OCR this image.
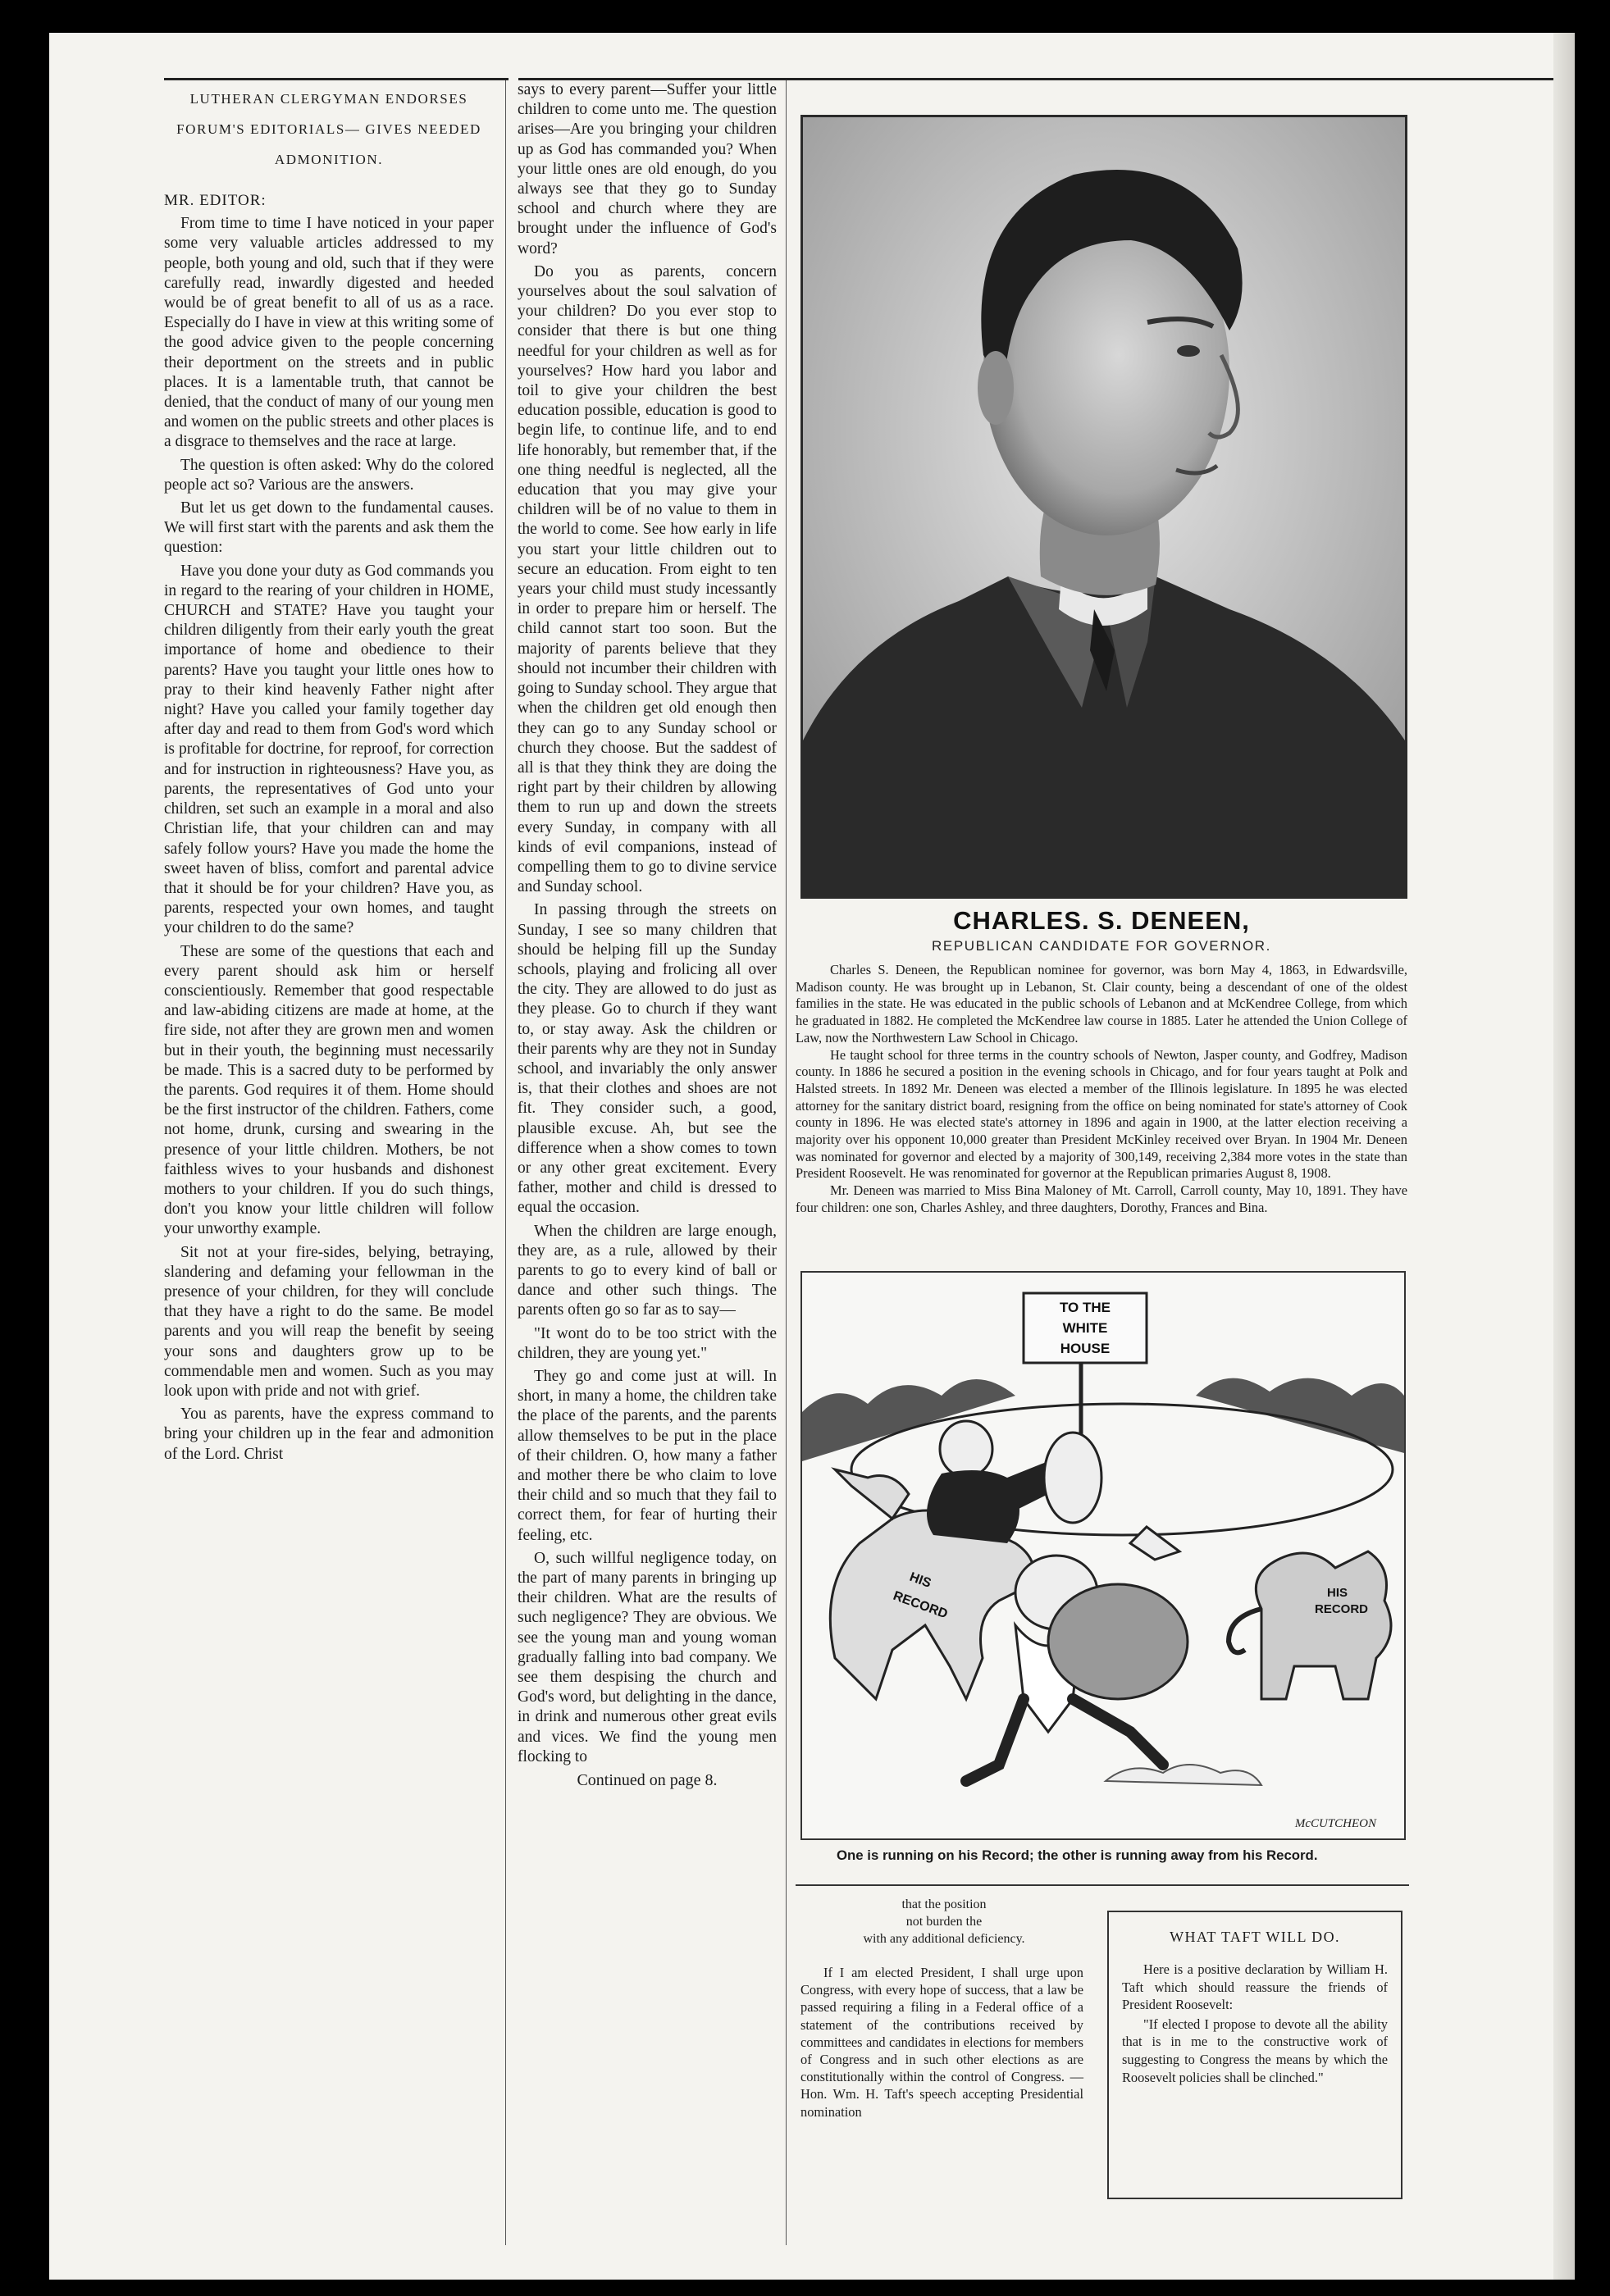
LUTHERAN CLERGYMAN ENDORSES FORUM'S EDITORIALS— GIVES NEEDED ADMONITION.

MR. EDITOR:

From time to time I have noticed in your paper some very valuable articles addressed to my people, both young and old, such that if they were carefully read, inwardly digested and heeded would be of great benefit to all of us as a race. Especially do I have in view at this writing some of the good advice given to the people concerning their deportment on the streets and in public places. It is a lamentable truth, that cannot be denied, that the conduct of many of our young men and women on the public streets and other places is a disgrace to themselves and the race at large.

The question is often asked: Why do the colored people act so? Various are the answers.

But let us get down to the fundamental causes. We will first start with the parents and ask them the question:

Have you done your duty as God commands you in regard to the rearing of your children in HOME, CHURCH and STATE? Have you taught your children diligently from their early youth the great importance of home and obedience to their parents? Have you taught your little ones how to pray to their kind heavenly Father night after night? Have you called your family together day after day and read to them from God's word which is profitable for doctrine, for reproof, for correction and for instruction in righteousness? Have you, as parents, the representatives of God unto your children, set such an example in a moral and also Christian life, that your children can and may safely follow yours? Have you made the home the sweet haven of bliss, comfort and parental advice that it should be for your children? Have you, as parents, respected your own homes, and taught your children to do the same?

These are some of the questions that each and every parent should ask him or herself conscientiously. Remember that good respectable and law-abiding citizens are made at home, at the fire side, not after they are grown men and women but in their youth, the beginning must necessarily be made. This is a sacred duty to be performed by the parents. God requires it of them. Home should be the first instructor of the children. Fathers, come not home, drunk, cursing and swearing in the presence of your little children. Mothers, be not faithless wives to your husbands and dishonest mothers to your children. If you do such things, don't you know your little children will follow your unworthy example.

Sit not at your fire-sides, belying, betraying, slandering and defaming your fellowman in the presence of your children, for they will conclude that they have a right to do the same. Be model parents and you will reap the benefit by seeing your sons and daughters grow up to be commendable men and women. Such as you may look upon with pride and not with grief.

You as parents, have the express command to bring your children up in the fear and admonition of the Lord. Christ

says to every parent—Suffer your little children to come unto me. The question arises—Are you bringing your children up as God has commanded you? When your little ones are old enough, do you always see that they go to Sunday school and church where they are brought under the influence of God's word?

Do you as parents, concern yourselves about the soul salvation of your children? Do you ever stop to consider that there is but one thing needful for your children as well as for yourselves? How hard you labor and toil to give your children the best education possible, education is good to begin life, to continue life, and to end life honorably, but remember that, if the one thing needful is neglected, all the education that you may give your children will be of no value to them in the world to come. See how early in life you start your little children out to secure an education. From eight to ten years your child must study incessantly in order to prepare him or herself. The child cannot start too soon. But the majority of parents believe that they should not incumber their children with going to Sunday school. They argue that when the children get old enough then they can go to any Sunday school or church they choose. But the saddest of all is that they think they are doing the right part by their children by allowing them to run up and down the streets every Sunday, in company with all kinds of evil companions, instead of compelling them to go to divine service and Sunday school.

In passing through the streets on Sunday, I see so many children that should be helping fill up the Sunday schools, playing and frolicing all over the city. They are allowed to do just as they please. Go to church if they want to, or stay away. Ask the children or their parents why are they not in Sunday school, and invariably the only answer is, that their clothes and shoes are not fit. They consider such, a good, plausible excuse. Ah, but see the difference when a show comes to town or any other great excitement. Every father, mother and child is dressed to equal the occasion.

When the children are large enough, they are, as a rule, allowed by their parents to go to every kind of ball or dance and other such things. The parents often go so far as to say—

"It wont do to be too strict with the children, they are young yet."

They go and come just at will. In short, in many a home, the children take the place of the parents, and the parents allow themselves to be put in the place of their children. O, how many a father and mother there be who claim to love their child and so much that they fail to correct them, for fear of hurting their feeling, etc.

O, such willful negligence today, on the part of many parents in bringing up their children. What are the results of such negligence? They are obvious. We see the young man and young woman gradually falling into bad company. We see them despising the church and God's word, but delighting in the dance, in drink and numerous other great evils and vices. We find the young men flocking to

Continued on page 8.

CHARLES. S. DENEEN,
REPUBLICAN CANDIDATE FOR GOVERNOR.

Charles S. Deneen, the Republican nominee for governor, was born May 4, 1863, in Edwardsville, Madison county. He was brought up in Lebanon, St. Clair county, being a descendant of one of the oldest families in the state. He was educated in the public schools of Lebanon and at McKendree College, from which he graduated in 1882. He completed the McKendree law course in 1885. Later he attended the Union College of Law, now the Northwestern Law School in Chicago.

He taught school for three terms in the country schools of Newton, Jasper county, and Godfrey, Madison county. In 1886 he secured a position in the evening schools in Chicago, and for four years taught at Polk and Halsted streets. In 1892 Mr. Deneen was elected a member of the Illinois legislature. In 1895 he was elected attorney for the sanitary district board, resigning from the office on being nominated for state's attorney of Cook county in 1896. He was elected state's attorney in 1896 and again in 1900, at the latter election receiving a majority over his opponent 10,000 greater than President McKinley received over Bryan. In 1904 Mr. Deneen was nominated for governor and elected by a majority of 300,149, receiving 2,384 more votes in the state than President Roosevelt. He was renominated for governor at the Republican primaries August 8, 1908.

Mr. Deneen was married to Miss Bina Maloney of Mt. Carroll, Carroll county, May 10, 1891. They have four children: one son, Charles Ashley, and three daughters, Dorothy, Frances and Bina.

TO THE
WHITE
HOUSE
HIS
RECORD	HIS
RECORD
McCUTCHEON
One is running on his Record; the other is running away from his Record.
that the position
not burden the
with any additional deficiency.

If I am elected President, I shall urge upon Congress, with every hope of success, that a law be passed requiring a filing in a Federal office of a statement of the contributions received by committees and candidates in elections for members of Congress and in such other elections as are constitutionally within the control of Congress. —Hon. Wm. H. Taft's speech accepting Presidential nomination

WHAT TAFT WILL DO.

Here is a positive declaration by William H. Taft which should reassure the friends of President Roosevelt:

"If elected I propose to devote all the ability that is in me to the constructive work of suggesting to Congress the means by which the Roosevelt policies shall be clinched."
